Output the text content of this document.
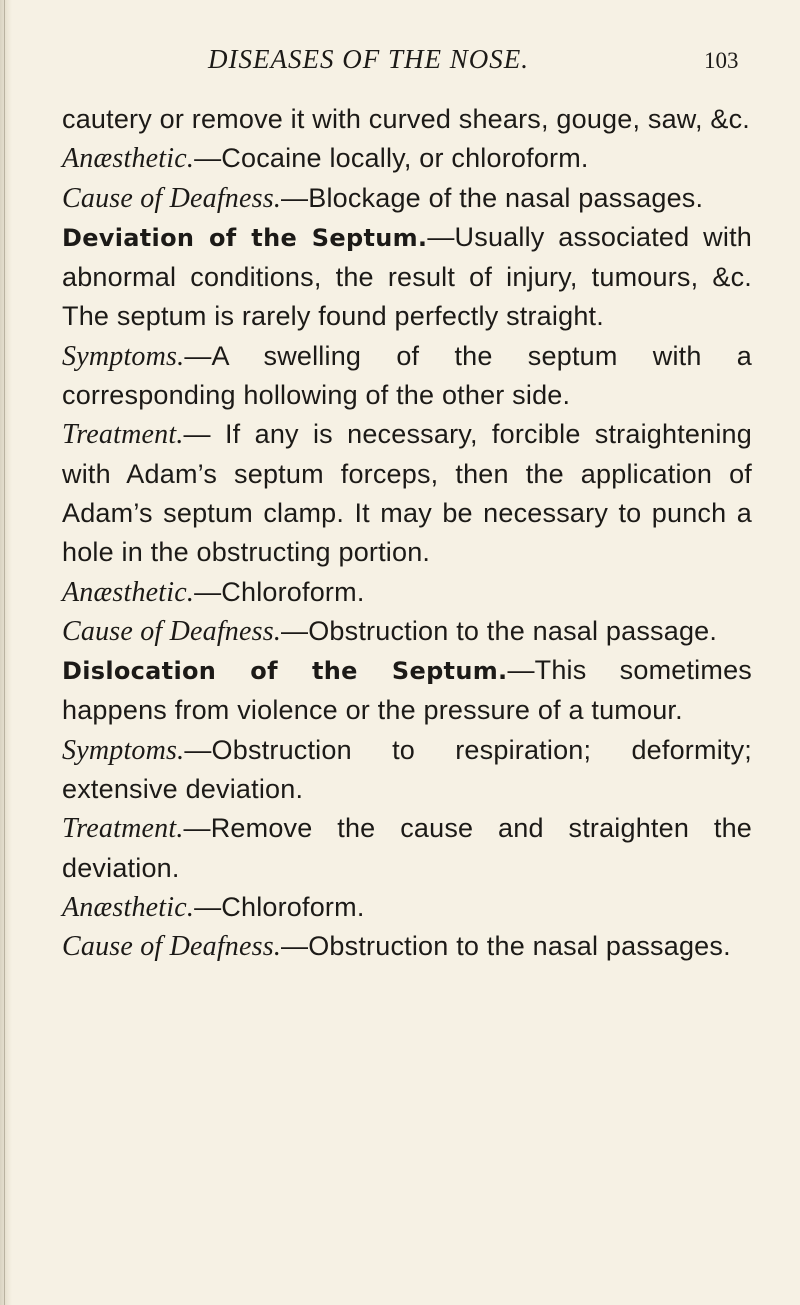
DISEASES OF THE NOSE.	103

cautery or remove it with curved shears, gouge, saw, &c.

Anæsthetic.—Cocaine locally, or chloroform.

Cause of Deafness.—Blockage of the nasal passages.

Deviation of the Septum.—Usually associated with abnormal conditions, the result of injury, tumours, &c. The septum is rarely found perfectly straight.

Symptoms.—A swelling of the septum with a corresponding hollowing of the other side.

Treatment.— If any is necessary, forcible straightening with Adam’s septum forceps, then the application of Adam’s septum clamp. It may be necessary to punch a hole in the obstructing portion.

Anæsthetic.—Chloroform.

Cause of Deafness.—Obstruction to the nasal passage.

Dislocation of the Septum.—This sometimes happens from violence or the pressure of a tumour.

Symptoms.—Obstruction to respiration; deformity; extensive deviation.

Treatment.—Remove the cause and straighten the deviation.

Anæsthetic.—Chloroform.

Cause of Deafness.—Obstruction to the nasal passages.
